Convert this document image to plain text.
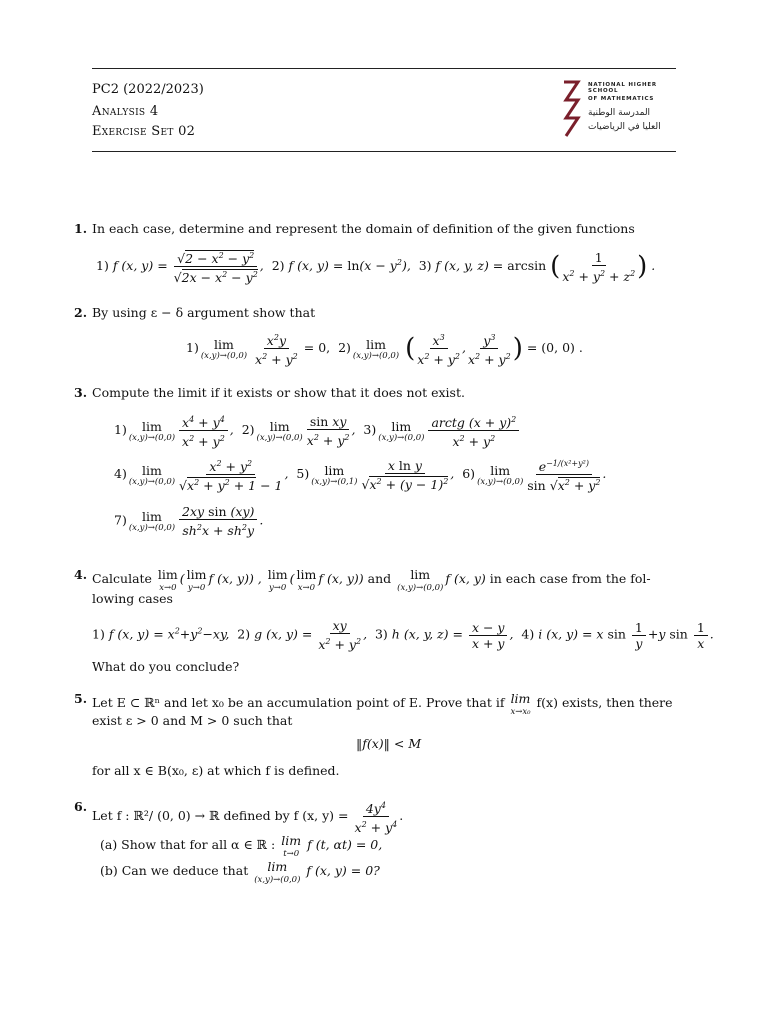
PC2 (2022/2023)
Analysis 4
Exercise Set 02
NATIONAL HIGHER SCHOOL
OF MATHEMATICS
المدرسة الوطنية
العليا في الرياضيات
1. In each case, determine and represent the domain of definition of the given functions
1) f (x, $y) = \frac{√2 - x^2 - y^2}{√2x - x^2 - y^2}$ ,  2) f (x, $y) = \ln(x - y^2)$,  3) f (x, y, z) = arcsin ( $\frac{1}{x^2 + y^2 + z^2}$ ) .
2. By using ε − δ argument show that
1) lim
(x,y)→(0,0)
$\frac{x^2y}{x^2 + y^2} = 0$, 2) lim
(x,y)→(0,0) ( $\frac{x^3}{x^2 + y^2}$ , $\frac{y^3}{x^2 + y^2}$ ) = (0, 0) .
3. Compute the limit if it exists or show that it does not exist.
1) lim
$(x,y)\to(0,0) \frac{x^4 + y^4}{x^2 + y^2}$ ,  2) lim
$(x,y)\to(0,0) \frac{\text{sin xy}}{x^2 + y^2}$ ,  3) lim
$(x,y)\to(0,0) \frac{arctg (x + y)^2}{x^2 + y^2}$
4) lim
$(x,y)\to(0,0) \frac{x^2 + y^2}{√x^2 + y^2 + 1 - 1}$ ,  5) lim
$(x,y)\to(0,1) \frac{\text{x ln y}}{√x^2 + (y - 1)^2}$ ,  6) lim
$(x,y)\to(0,0) \frac{e^{-1/(x^2+y^2)}}{\sin √x^2 + y^2}$ .
7) lim
$(x,y)\to(0,0) \frac{\text{2xy sin (xy)}}{sh^2x + sh^2y}$ .
4. Calculate lim
x→0
( lim
y→0
f (x, y)) , lim
y→0
( lim
x→0
f (x, y)) and lim
(x,y)→(0,0)
f (x, y) in each case from the fol-
lowing cases
1) f (x, $y) = x^2+y^2-xy$,  2) g (x, $y) = \frac{xy}{x^2 + y^2}$ ,  3) h (x, y, $z) = \frac{x - y}{x + y}$ ,  4) i (x, y) = x $\sin \frac{1}{y} +y$ $\sin \frac{1}{x}$ .
What do you conclude?
5. Let E ⊂ ℝⁿ and let x₀ be an accumulation point of E. Prove that if lim
x→x₀
f(x) exists, then there
exist ε > 0 and M > 0 such that
‖f(x)‖ < M
for all x ∈ B(x₀, ε) at which f is defined.
6.
Let f : ℝ²/ (0, 0) → ℝ defined by f (x, $y) = \frac{4y^4}{x^2 + y^4}$ .
(a) Show that for all α ∈ ℝ : lim
t→0
f (t, αt) = 0,
(b) Can we deduce that lim
(x,y)→(0,0)
f (x, y) = 0?
